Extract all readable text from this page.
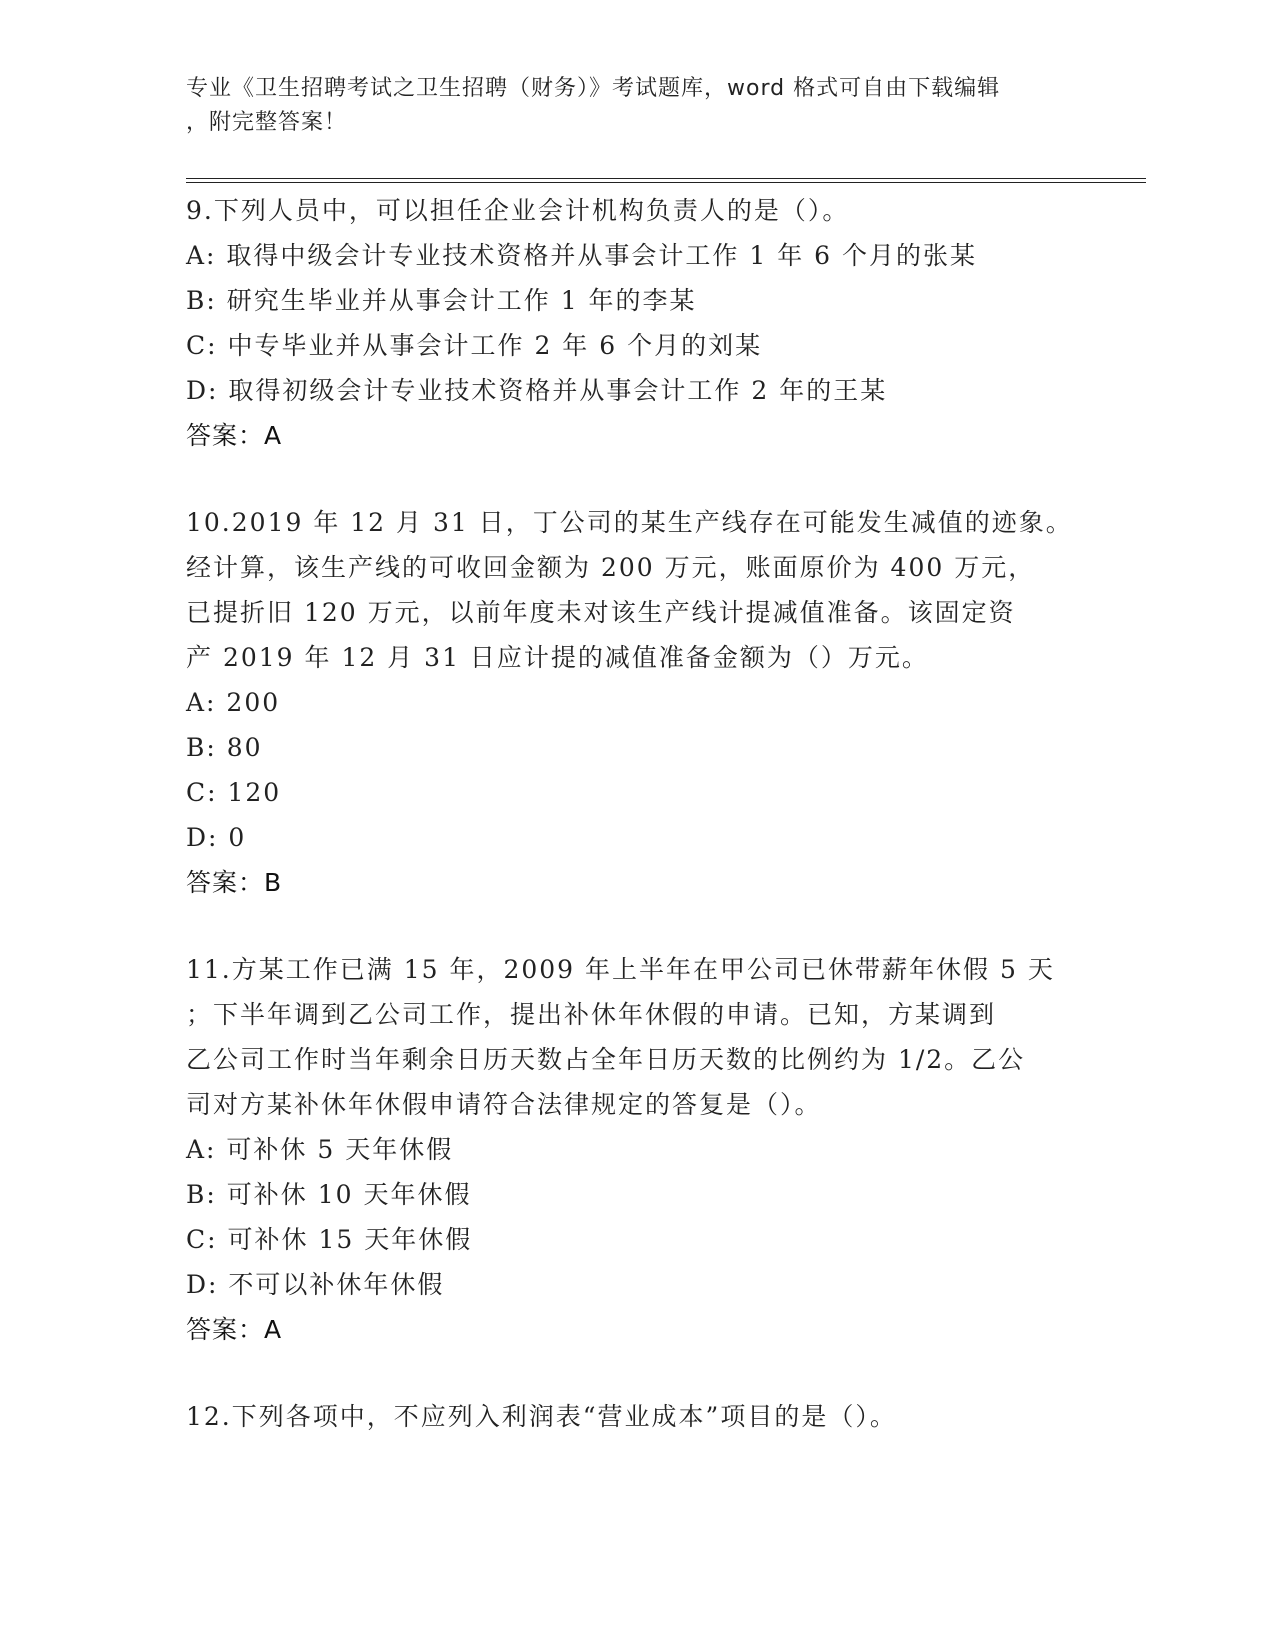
专业《卫生招聘考试之卫生招聘（财务）》考试题库，word 格式可自由下载编辑
，附完整答案！
9.下列人员中，可以担任企业会计机构负责人的是（）。
A: 取得中级会计专业技术资格并从事会计工作 1 年 6 个月的张某
B: 研究生毕业并从事会计工作 1 年的李某
C: 中专毕业并从事会计工作 2 年 6 个月的刘某
D: 取得初级会计专业技术资格并从事会计工作 2 年的王某
答案：A
10.2019 年 12 月 31 日，丁公司的某生产线存在可能发生减值的迹象。
经计算，该生产线的可收回金额为 200 万元，账面原价为 400 万元，
已提折旧 120 万元，以前年度未对该生产线计提减值准备。该固定资
产 2019 年 12 月 31 日应计提的减值准备金额为（）万元。
A: 200
B: 80
C: 120
D: 0
答案：B
11.方某工作已满 15 年，2009 年上半年在甲公司已休带薪年休假 5 天
；下半年调到乙公司工作，提出补休年休假的申请。已知，方某调到
乙公司工作时当年剩余日历天数占全年日历天数的比例约为 1/2。乙公
司对方某补休年休假申请符合法律规定的答复是（）。
A: 可补休 5 天年休假
B: 可补休 10 天年休假
C: 可补休 15 天年休假
D: 不可以补休年休假
答案：A
12.下列各项中，不应列入利润表“营业成本”项目的是（）。
